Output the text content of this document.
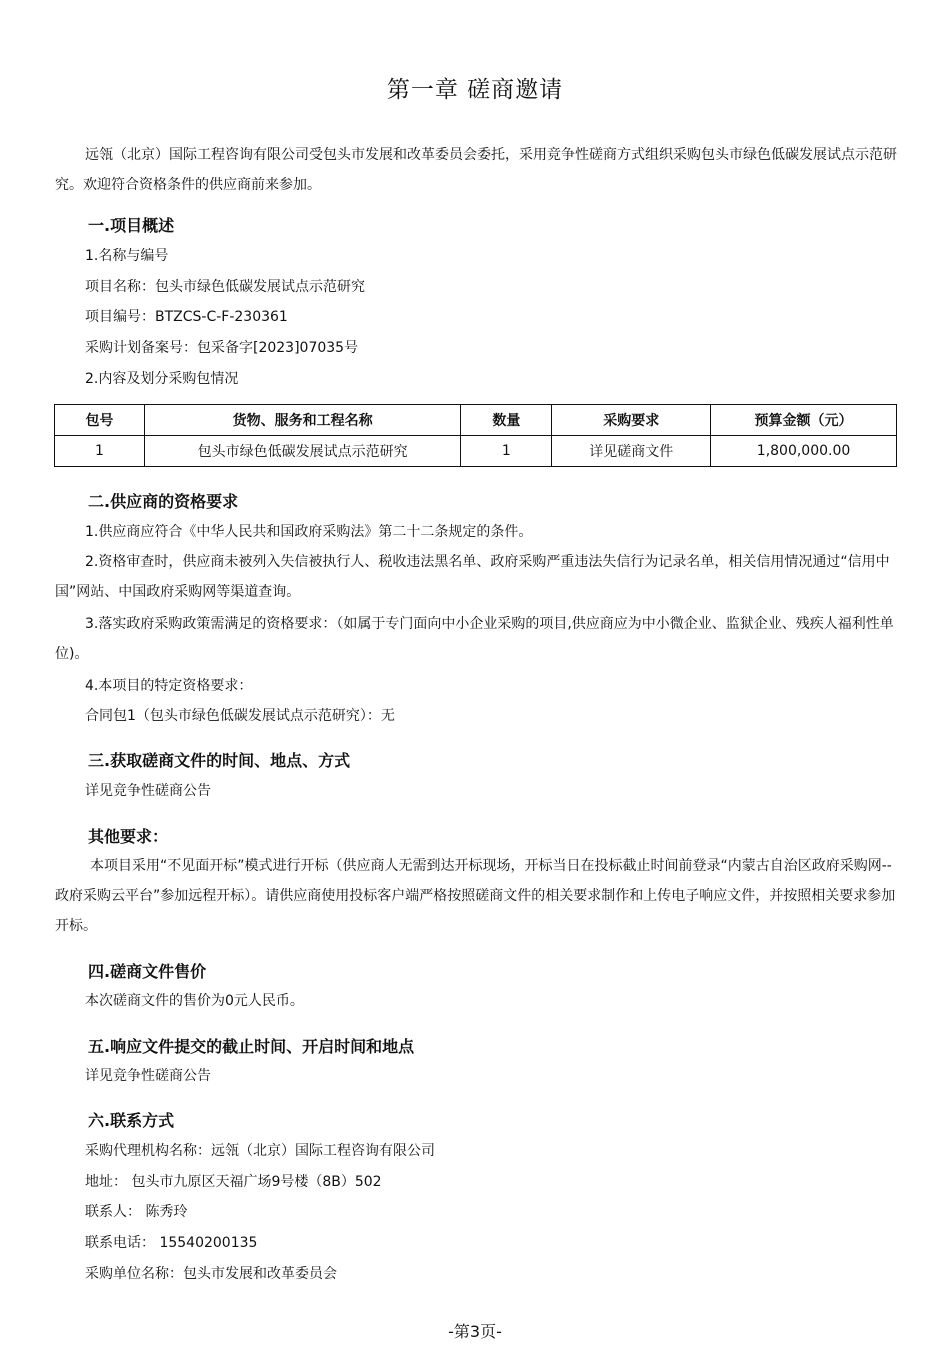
第一章 磋商邀请
远瓴（北京）国际工程咨询有限公司受包头市发展和改革委员会委托，采用竞争性磋商方式组织采购包头市绿色低碳发展试点示范研究。欢迎符合资格条件的供应商前来参加。
一.项目概述
1.名称与编号
项目名称：包头市绿色低碳发展试点示范研究
项目编号：BTZCS-C-F-230361
采购计划备案号：包采备字[2023]07035号
2.内容及划分采购包情况
包号	货物、服务和工程名称	数量	采购要求	预算金额（元）
1	包头市绿色低碳发展试点示范研究	1	详见磋商文件	1,800,000.00
二.供应商的资格要求
1.供应商应符合《中华人民共和国政府采购法》第二十二条规定的条件。
2.资格审查时，供应商未被列入失信被执行人、税收违法黑名单、政府采购严重违法失信行为记录名单，相关信用情况通过“信用中国”网站、中国政府采购网等渠道查询。
3.落实政府采购政策需满足的资格要求：（如属于专门面向中小企业采购的项目,供应商应为中小微企业、监狱企业、残疾人福利性单位)。
4.本项目的特定资格要求：
合同包1（包头市绿色低碳发展试点示范研究）：无
三.获取磋商文件的时间、地点、方式
详见竞争性磋商公告
其他要求：
本项目采用“不见面开标”模式进行开标（供应商人无需到达开标现场，开标当日在投标截止时间前登录“内蒙古自治区政府采购网--政府采购云平台”参加远程开标）。请供应商使用投标客户端严格按照磋商文件的相关要求制作和上传电子响应文件，并按照相关要求参加开标。
四.磋商文件售价
本次磋商文件的售价为0元人民币。
五.响应文件提交的截止时间、开启时间和地点
详见竞争性磋商公告
六.联系方式
采购代理机构名称：远瓴（北京）国际工程咨询有限公司
地址： 包头市九原区天福广场9号楼（8B）502
联系人： 陈秀玲
联系电话： 15540200135
采购单位名称：包头市发展和改革委员会
-第3页-
